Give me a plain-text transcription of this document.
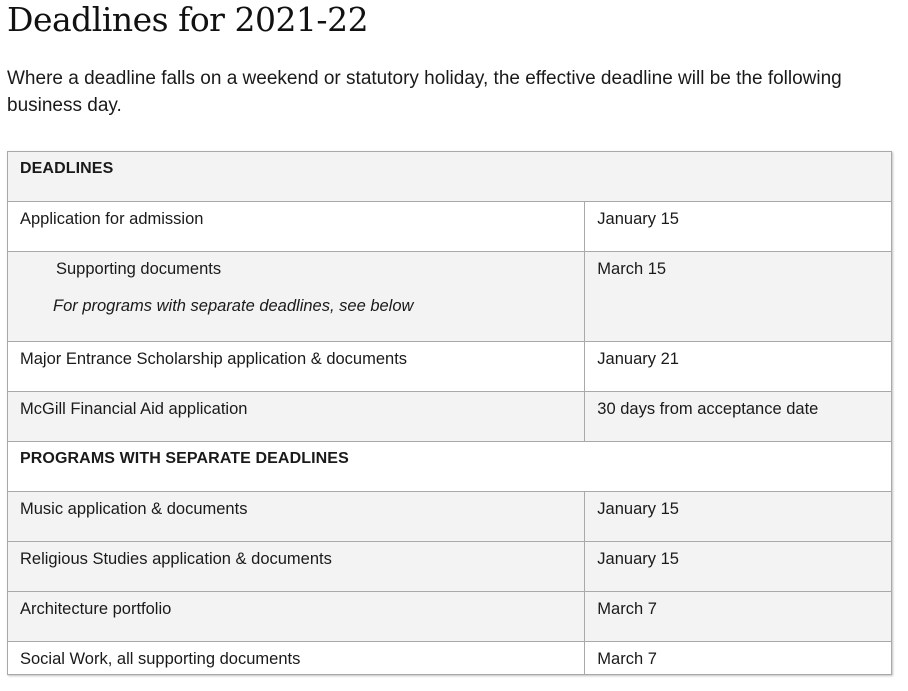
Deadlines for 2021-22

Where a deadline falls on a weekend or statutory holiday, the effective deadline will be the following business day.

DEADLINES	

Application for admission	January 15

Supporting documents
For programs with separate deadlines, see below	March 15

Major Entrance Scholarship application & documents	January 21

McGill Financial Aid application	30 days from acceptance date

PROGRAMS WITH SEPARATE DEADLINES	

Music application & documents	January 15

Religious Studies application & documents	January 15

Architecture portfolio	March 7

Social Work, all supporting documents	March 7
